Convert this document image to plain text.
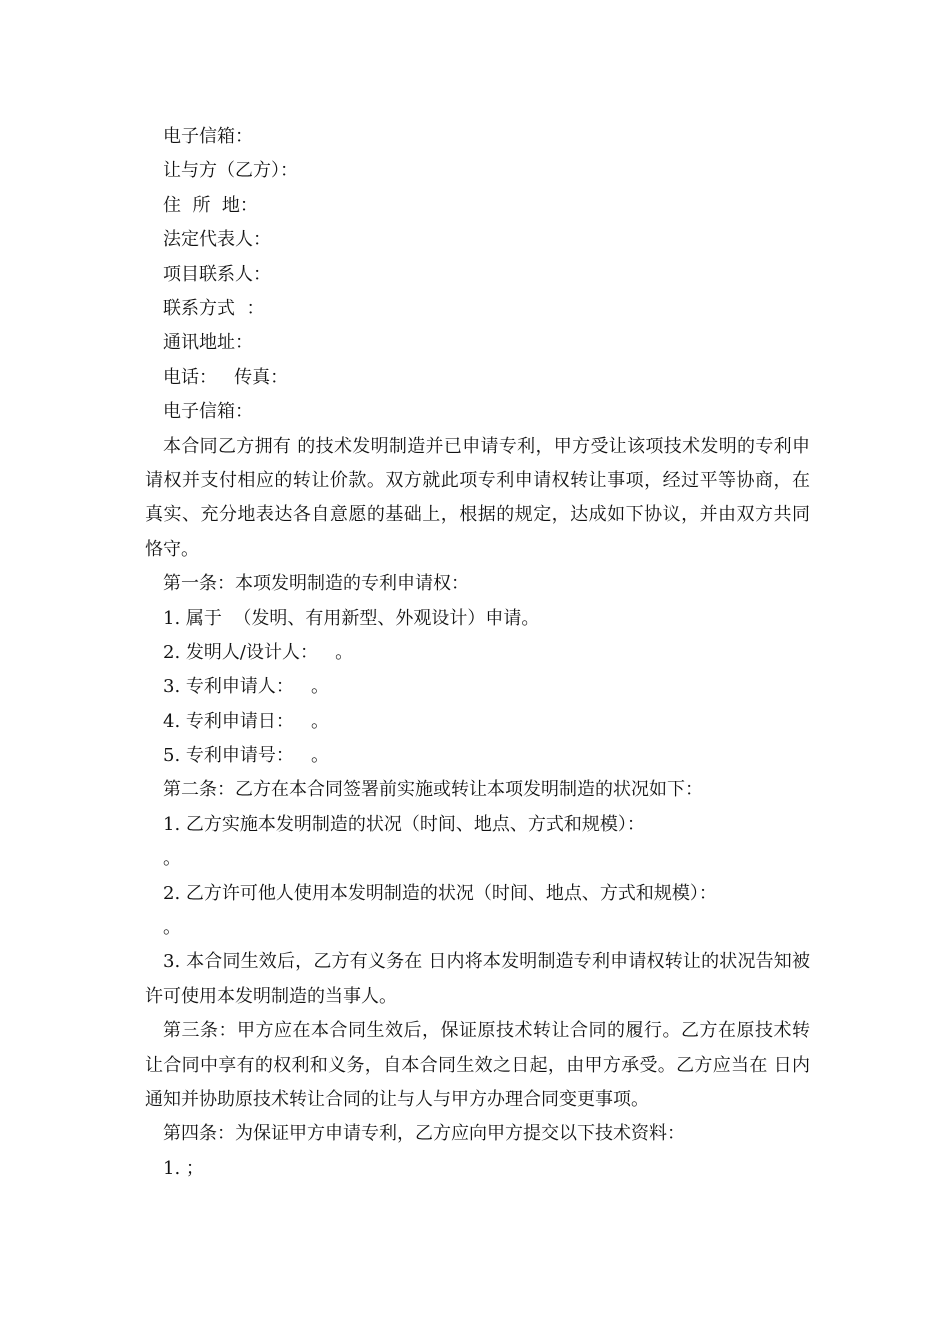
电子信箱：
让与方（乙方）：
住  所  地：
法定代表人：
项目联系人：
联系方式  ：
通讯地址：
电话：   传真：
电子信箱：
本合同乙方拥有 的技术发明制造并已申请专利，甲方受让该项技术发明的专利申请权并支付相应的转让价款。双方就此项专利申请权转让事项，经过平等协商，在真实、充分地表达各自意愿的基础上，根据的规定，达成如下协议，并由双方共同恪守。
第一条：本项发明制造的专利申请权：
1. 属于  （发明、有用新型、外观设计）申请。
2. 发明人/设计人：   。
3. 专利申请人：   。
4. 专利申请日：   。
5. 专利申请号：   。
第二条：乙方在本合同签署前实施或转让本项发明制造的状况如下：
1. 乙方实施本发明制造的状况（时间、地点、方式和规模）：
。
2. 乙方许可他人使用本发明制造的状况（时间、地点、方式和规模）：
。
3. 本合同生效后，乙方有义务在 日内将本发明制造专利申请权转让的状况告知被许可使用本发明制造的当事人。
第三条：甲方应在本合同生效后，保证原技术转让合同的履行。乙方在原技术转让合同中享有的权利和义务，自本合同生效之日起，由甲方承受。乙方应当在 日内通知并协助原技术转让合同的让与人与甲方办理合同变更事项。
第四条：为保证甲方申请专利，乙方应向甲方提交以下技术资料：
1. ；
